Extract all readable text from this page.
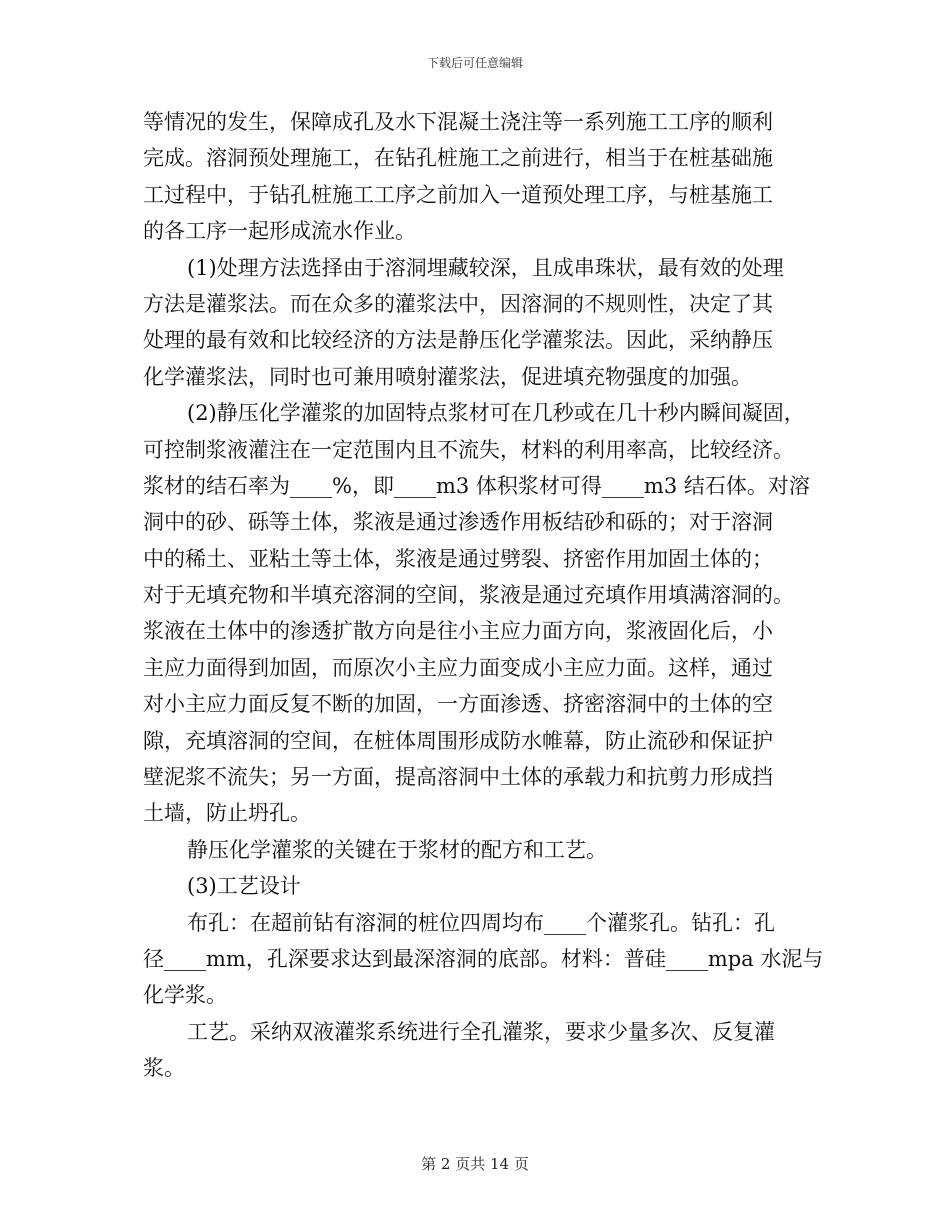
下载后可任意编辑
等情况的发生，保障成孔及水下混凝土浇注等一系列施工工序的顺利
完成。溶洞预处理施工，在钻孔桩施工之前进行，相当于在桩基础施
工过程中，于钻孔桩施工工序之前加入一道预处理工序，与桩基施工
的各工序一起形成流水作业。
(1)处理方法选择由于溶洞埋藏较深，且成串珠状，最有效的处理
方法是灌浆法。而在众多的灌浆法中，因溶洞的不规则性，决定了其
处理的最有效和比较经济的方法是静压化学灌浆法。因此，采纳静压
化学灌浆法，同时也可兼用喷射灌浆法，促进填充物强度的加强。
(2)静压化学灌浆的加固特点浆材可在几秒或在几十秒内瞬间凝固，
可控制浆液灌注在一定范围内且不流失，材料的利用率高，比较经济。
浆材的结石率为____%，即____m3 体积浆材可得____m3 结石体。对溶
洞中的砂、砾等土体，浆液是通过渗透作用板结砂和砾的；对于溶洞
中的稀土、亚粘土等土体，浆液是通过劈裂、挤密作用加固土体的；
对于无填充物和半填充溶洞的空间，浆液是通过充填作用填满溶洞的。
浆液在土体中的渗透扩散方向是往小主应力面方向，浆液固化后，小
主应力面得到加固，而原次小主应力面变成小主应力面。这样，通过
对小主应力面反复不断的加固，一方面渗透、挤密溶洞中的土体的空
隙，充填溶洞的空间，在桩体周围形成防水帷幕，防止流砂和保证护
壁泥浆不流失；另一方面，提高溶洞中土体的承载力和抗剪力形成挡
土墙，防止坍孔。
静压化学灌浆的关键在于浆材的配方和工艺。
(3)工艺设计
布孔：在超前钻有溶洞的桩位四周均布____个灌浆孔。钻孔：孔
径____mm，孔深要求达到最深溶洞的底部。材料：普硅____mpa 水泥与
化学浆。
工艺。采纳双液灌浆系统进行全孔灌浆，要求少量多次、反复灌
浆。
第 2 页共 14 页
